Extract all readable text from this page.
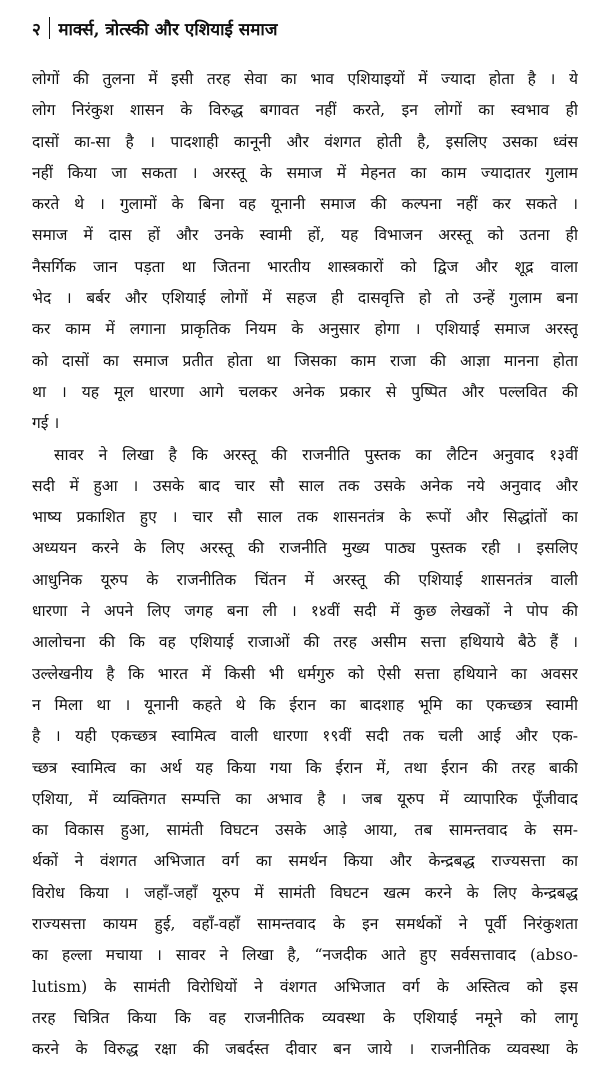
२	मार्क्स, त्रोत्स्की और एशियाई समाज
लोगों की तुलना में इसी तरह सेवा का भाव एशियाइयों में ज्यादा होता है । ये
लोग निरंकुश शासन के विरुद्ध बगावत नहीं करते, इन लोगों का स्वभाव ही
दासों का-सा है । पादशाही कानूनी और वंशगत होती है, इसलिए उसका ध्वंस
नहीं किया जा सकता । अरस्तू के समाज में मेहनत का काम ज्यादातर गुलाम
करते थे । गुलामों के बिना वह यूनानी समाज की कल्पना नहीं कर सकते ।
समाज में दास हों और उनके स्वामी हों, यह विभाजन अरस्तू को उतना ही
नैसर्गिक जान पड़ता था जितना भारतीय शास्त्रकारों को द्विज और शूद्र वाला
भेद । बर्बर और एशियाई लोगों में सहज ही दासवृत्ति हो तो उन्हें गुलाम बना
कर काम में लगाना प्राकृतिक नियम के अनुसार होगा । एशियाई समाज अरस्तू
को दासों का समाज प्रतीत होता था जिसका काम राजा की आज्ञा मानना होता
था । यह मूल धारणा आगे चलकर अनेक प्रकार से पुष्पित और पल्लवित की
गई ।
सावर ने लिखा है कि अरस्तू की राजनीति पुस्तक का लैटिन अनुवाद १३वीं
सदी में हुआ । उसके बाद चार सौ साल तक उसके अनेक नये अनुवाद और
भाष्य प्रकाशित हुए । चार सौ साल तक शासनतंत्र के रूपों और सिद्धांतों का
अध्ययन करने के लिए अरस्तू की राजनीति मुख्य पाठ्य पुस्तक रही । इसलिए
आधुनिक यूरुप के राजनीतिक चिंतन में अरस्तू की एशियाई शासनतंत्र वाली
धारणा ने अपने लिए जगह बना ली । १४वीं सदी में कुछ लेखकों ने पोप की
आलोचना की कि वह एशियाई राजाओं की तरह असीम सत्ता हथियाये बैठे हैं ।
उल्लेखनीय है कि भारत में किसी भी धर्मगुरु को ऐसी सत्ता हथियाने का अवसर
न मिला था । यूनानी कहते थे कि ईरान का बादशाह भूमि का एकच्छत्र स्वामी
है । यही एकच्छत्र स्वामित्व वाली धारणा १९वीं सदी तक चली आई और एक-
च्छत्र स्वामित्व का अर्थ यह किया गया कि ईरान में, तथा ईरान की तरह बाकी
एशिया, में व्यक्तिगत सम्पत्ति का अभाव है । जब यूरुप में व्यापारिक पूँजीवाद
का विकास हुआ, सामंती विघटन उसके आड़े आया, तब सामन्तवाद के सम-
र्थकों ने वंशगत अभिजात वर्ग का समर्थन किया और केन्द्रबद्ध राज्यसत्ता का
विरोध किया । जहाँ-जहाँ यूरुप में सामंती विघटन खत्म करने के लिए केन्द्रबद्ध
राज्यसत्ता कायम हुई, वहाँ-वहाँ सामन्तवाद के इन समर्थकों ने पूर्वी निरंकुशता
का हल्ला मचाया । सावर ने लिखा है, “नजदीक आते हुए सर्वसत्तावाद (abso-
lutism) के सामंती विरोधियों ने वंशगत अभिजात वर्ग के अस्तित्व को इस
तरह चित्रित किया कि वह राजनीतिक व्यवस्था के एशियाई नमूने को लागू
करने के विरुद्ध रक्षा की जबर्दस्त दीवार बन जाये । राजनीतिक व्यवस्था के
